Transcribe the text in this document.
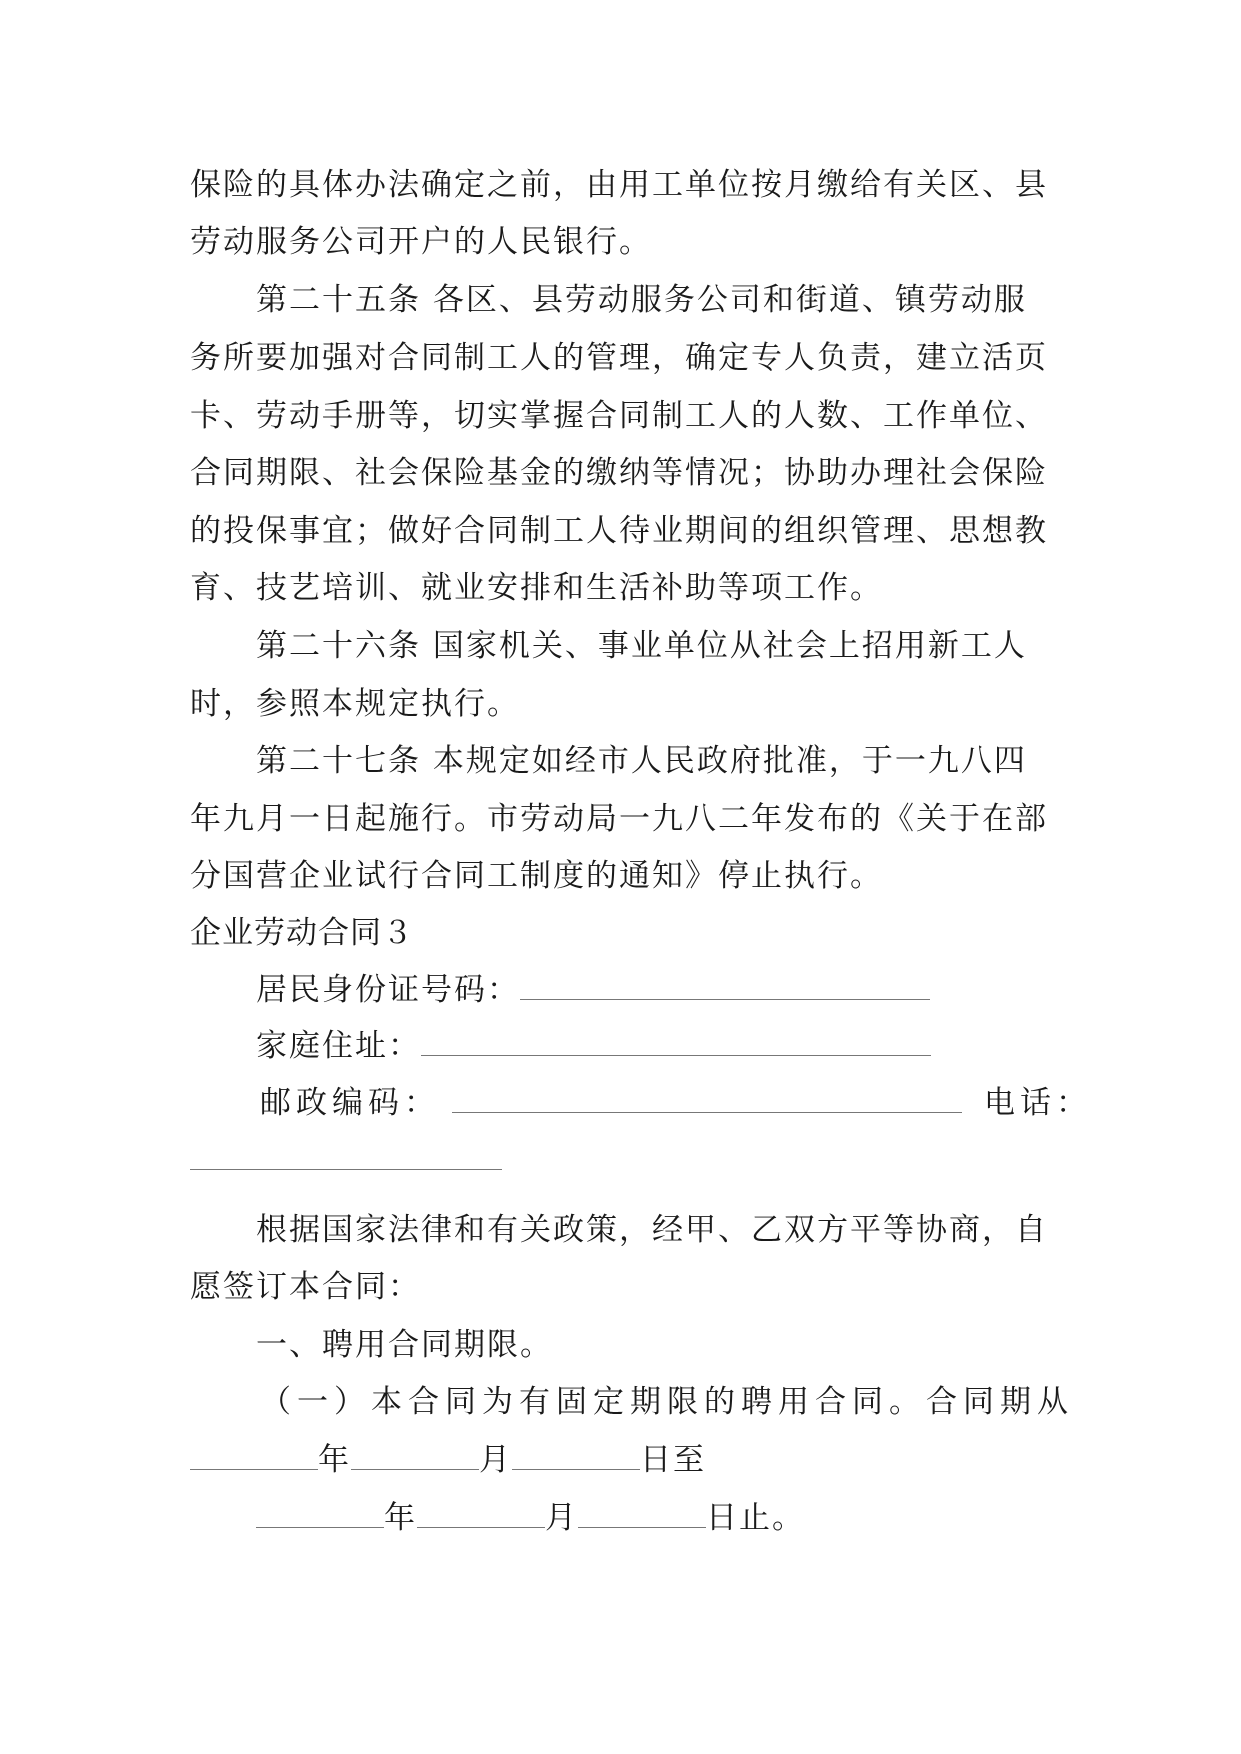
保险的具体办法确定之前，由用工单位按月缴给有关区、县
劳动服务公司开户的人民银行。
第二十五条 各区、县劳动服务公司和街道、镇劳动服
务所要加强对合同制工人的管理，确定专人负责，建立活页
卡、劳动手册等，切实掌握合同制工人的人数、工作单位、
合同期限、社会保险基金的缴纳等情况；协助办理社会保险
的投保事宜；做好合同制工人待业期间的组织管理、思想教
育、技艺培训、就业安排和生活补助等项工作。
第二十六条 国家机关、事业单位从社会上招用新工人
时，参照本规定执行。
第二十七条 本规定如经市人民政府批准，于一九八四
年九月一日起施行。市劳动局一九八二年发布的《关于在部
分国营企业试行合同工制度的通知》停止执行。
企业劳动合同３
居民身份证号码：
家庭住址：
邮政编码：	电话：
根据国家法律和有关政策，经甲、乙双方平等协商，自
愿签订本合同：
一、聘用合同期限。
（一）本合同为有固定期限的聘用合同。合同期从
年	月	日至
年	月	日止。
